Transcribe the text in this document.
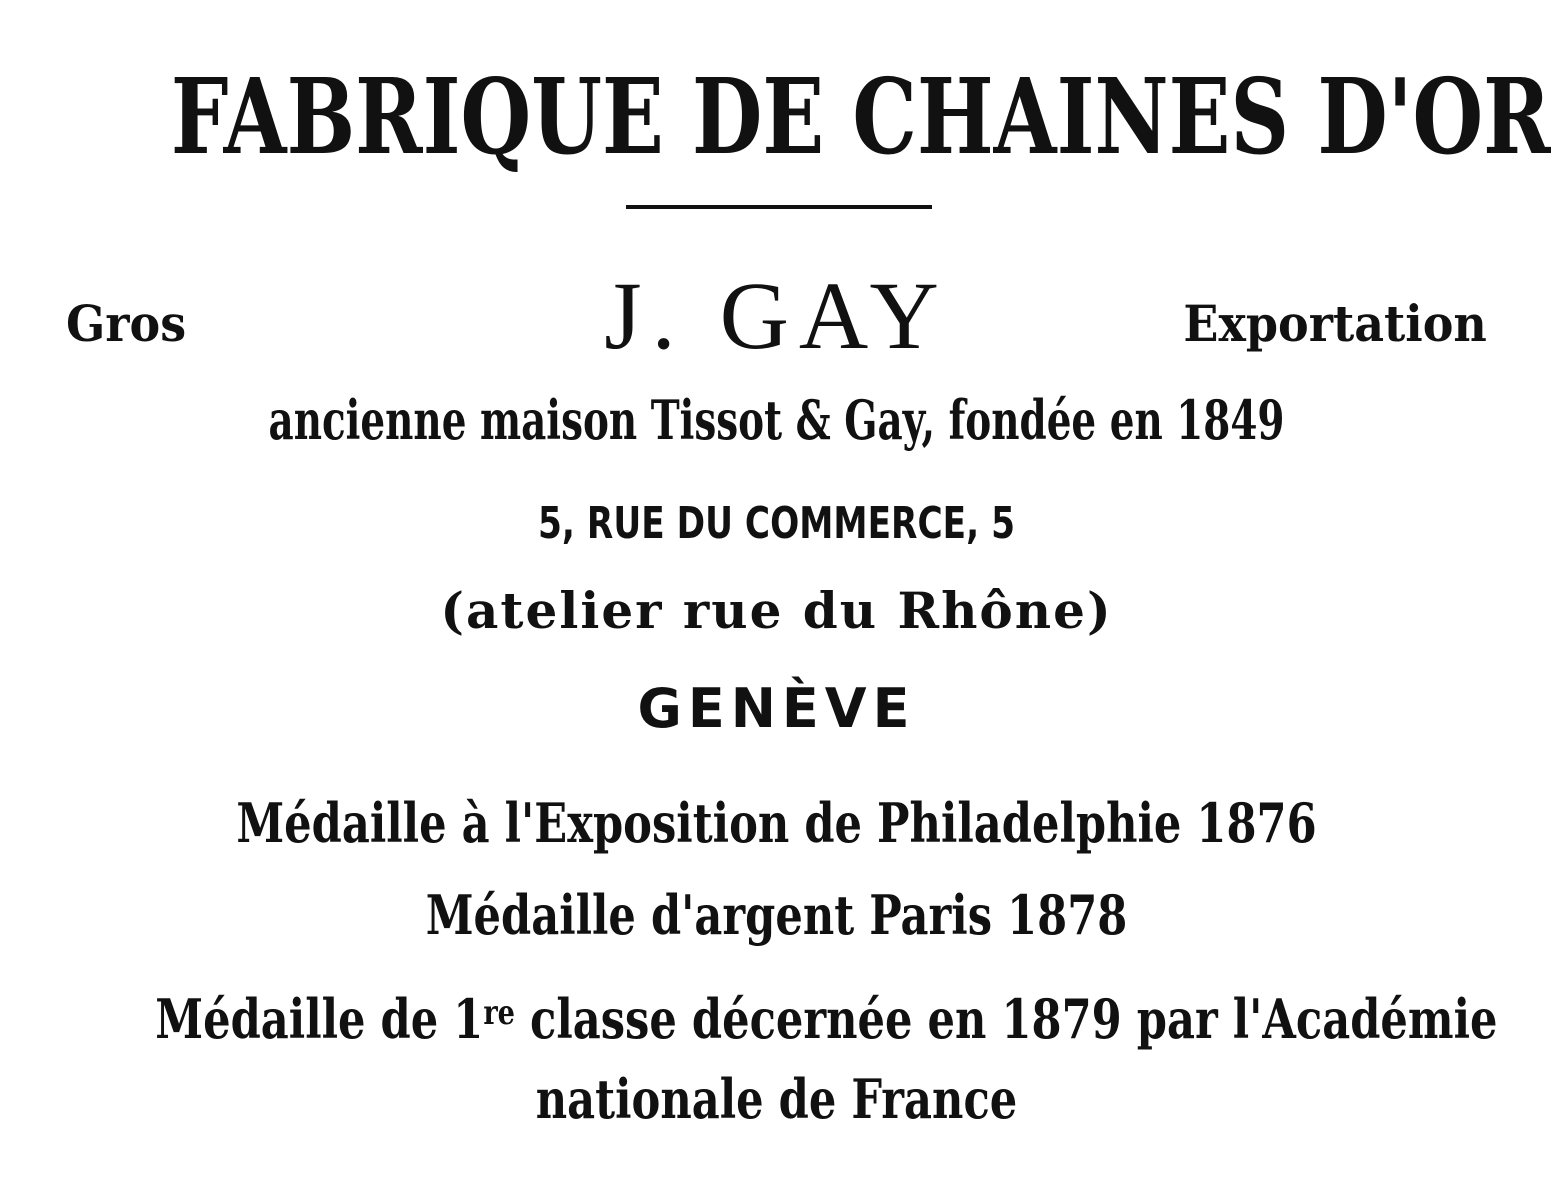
FABRIQUE DE CHAINES D'OR
Gros	J. GAY	Exportation
ancienne maison Tissot & Gay, fondée en 1849
5, RUE DU COMMERCE, 5
(atelier rue du Rhône)
GENÈVE
Médaille à l'Exposition de Philadelphie 1876
Médaille d'argent Paris 1878
Médaille de 1re classe décernée en 1879 par l'Académie
nationale de France
